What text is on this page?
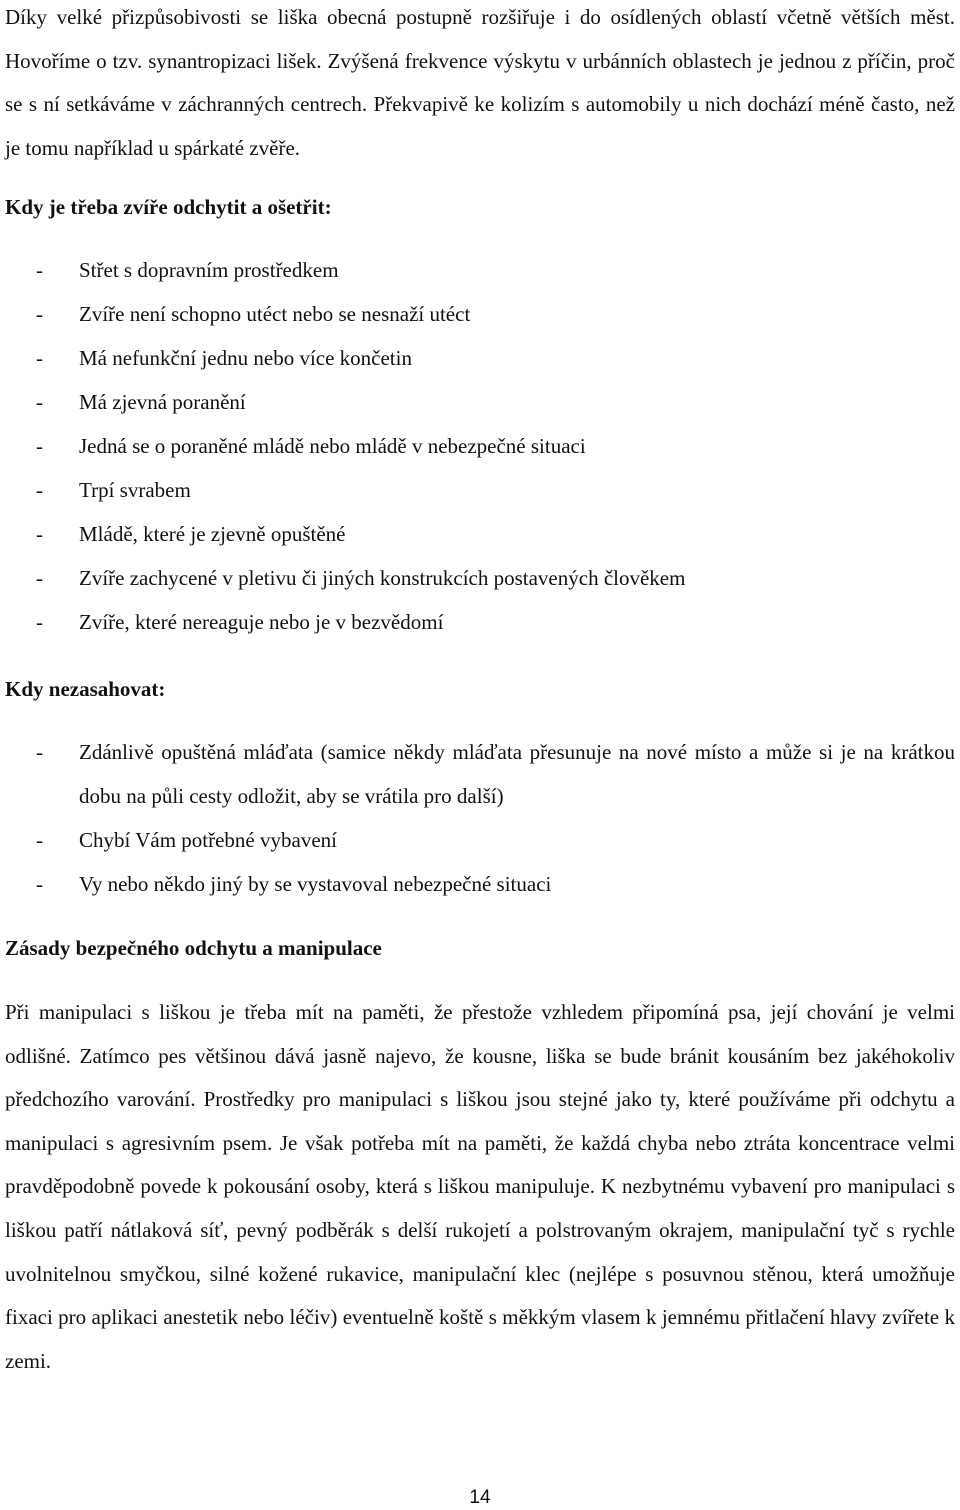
Díky velké přizpůsobivosti se liška obecná postupně rozšiřuje i do osídlených oblastí včetně větších měst. Hovoříme o tzv. synantropizaci lišek. Zvýšená frekvence výskytu v urbánních oblastech je jednou z příčin, proč se s ní setkáváme v záchranných centrech. Překvapivě ke kolizím s automobily u nich dochází méně často, než je tomu například u spárkaté zvěře.

Kdy je třeba zvíře odchytit a ošetřit:
- Střet s dopravním prostředkem
- Zvíře není schopno utéct nebo se nesnaží utéct
- Má nefunkční jednu nebo více končetin
- Má zjevná poranění
- Jedná se o poraněné mládě nebo mládě v nebezpečné situaci
- Trpí svrabem
- Mládě, které je zjevně opuštěné
- Zvíře zachycené v pletivu či jiných konstrukcích postavených člověkem
- Zvíře, které nereaguje nebo je v bezvědomí
Kdy nezasahovat:
- Zdánlivě opuštěná mláďata (samice někdy mláďata přesunuje na nové místo a může si je na krátkou dobu na půli cesty odložit, aby se vrátila pro další)
- Chybí Vám potřebné vybavení
- Vy nebo někdo jiný by se vystavoval nebezpečné situaci
Zásady bezpečného odchytu a manipulace

Při manipulaci s liškou je třeba mít na paměti, že přestože vzhledem připomíná psa, její chování je velmi odlišné. Zatímco pes většinou dává jasně najevo, že kousne, liška se bude bránit kousáním bez jakéhokoliv předchozího varování. Prostředky pro manipulaci s liškou jsou stejné jako ty, které používáme při odchytu a manipulaci s agresivním psem. Je však potřeba mít na paměti, že každá chyba nebo ztráta koncentrace velmi pravděpodobně povede k pokousání osoby, která s liškou manipuluje. K nezbytnému vybavení pro manipulaci s liškou patří nátlaková síť, pevný podběrák s delší rukojetí a polstrovaným okrajem, manipulační tyč s rychle uvolnitelnou smyčkou, silné kožené rukavice, manipulační klec (nejlépe s posuvnou stěnou, která umožňuje fixaci pro aplikaci anestetik nebo léčiv) eventuelně koště s měkkým vlasem k jemnému přitlačení hlavy zvířete k zemi.

14
